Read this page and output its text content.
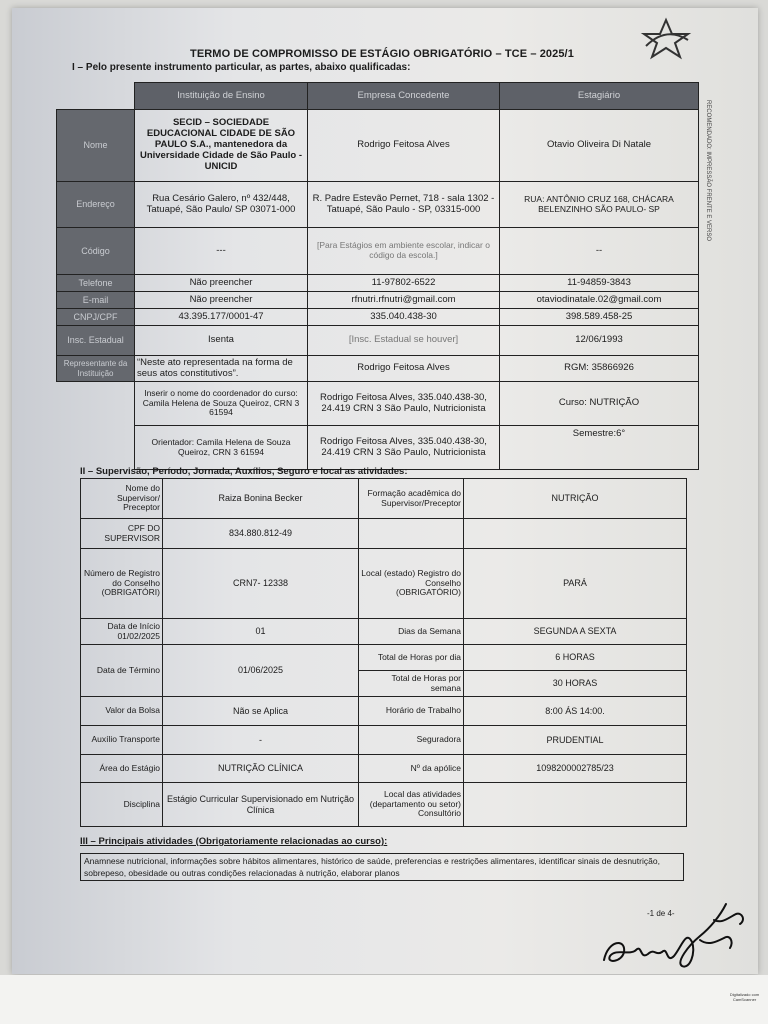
TERMO DE COMPROMISSO DE ESTÁGIO OBRIGATÓRIO – TCE – 2025/1
I – Pelo presente instrumento particular, as partes, abaixo qualificadas:
RECOMENDADO: IMPRESSÃO FRENTE E VERSO
	Instituição de Ensino	Empresa Concedente	Estagiário
Nome	SECID – SOCIEDADE EDUCACIONAL CIDADE DE SÃO PAULO S.A., mantenedora da Universidade Cidade de São Paulo - UNICID	Rodrigo Feitosa Alves	Otavio Oliveira Di Natale
Endereço	Rua Cesário Galero, nº 432/448, Tatuapé, São Paulo/ SP 03071-000	R. Padre Estevão Pernet, 718 - sala 1302 - Tatuapé, São Paulo - SP, 03315-000	RUA: ANTÔNIO CRUZ 168, CHÁCARA BELENZINHO SÃO PAULO- SP
Código	---	[Para Estágios em ambiente escolar, indicar o código da escola.]	--
Telefone	Não preencher	11-97802-6522	11-94859-3843
E-mail	Não preencher	rfnutri.rfnutri@gmail.com	otaviodinatale.02@gmail.com
CNPJ/CPF	43.395.177/0001-47	335.040.438-30	398.589.458-25
Insc. Estadual	Isenta	[Insc. Estadual se houver]	12/06/1993
Representante da Instituição	“Neste ato representada na forma de seus atos constitutivos”.	Rodrigo Feitosa Alves	RGM: 35866926
	Inserir o nome do coordenador do curso: Camila Helena de Souza Queiroz, CRN 3 61594	Rodrigo Feitosa Alves, 335.040.438-30, 24.419 CRN 3 São Paulo, Nutricionista	Curso: NUTRIÇÃO
	Orientador: Camila Helena de Souza Queiroz, CRN 3 61594	Rodrigo Feitosa Alves, 335.040.438-30, 24.419 CRN 3 São Paulo, Nutricionista	Semestre:6°
II – Supervisão, Período, Jornada, Auxílios, Seguro e local as atividades:
Nome do Supervisor/ Preceptor	Raiza Bonina Becker	Formação acadêmica do Supervisor/Preceptor	NUTRIÇÃO
CPF DO SUPERVISOR	834.880.812-49		
Número de Registro do Conselho (OBRIGATÓRI)	CRN7- 12338	Local (estado) Registro do Conselho (OBRIGATÓRIO)	PARÁ
Data de Início 01/02/2025	01	Dias da Semana	SEGUNDA A SEXTA
Data de Término	01/06/2025	Total de Horas por dia	6 HORAS
		Total de Horas por semana	30 HORAS
Valor da Bolsa	Não se Aplica	Horário de Trabalho	8:00 ÁS 14:00.
Auxílio Transporte	-	Seguradora	PRUDENTIAL
Área do Estágio	NUTRIÇÃO CLÍNICA	Nº da apólice	1098200002785/23
Disciplina	Estágio Curricular Supervisionado em Nutrição Clínica	Local das atividades (departamento ou setor) Consultório	
III – Principais atividades (Obrigatoriamente relacionadas ao curso):
Anamnese nutricional, informações sobre hábitos alimentares, histórico de saúde, preferencias e restrições alimentares, identificar sinais de desnutrição, sobrepeso, obesidade ou outras condições relacionadas à nutrição, elaborar planos
-1 de 4-
Digitalizado com CamScanner
